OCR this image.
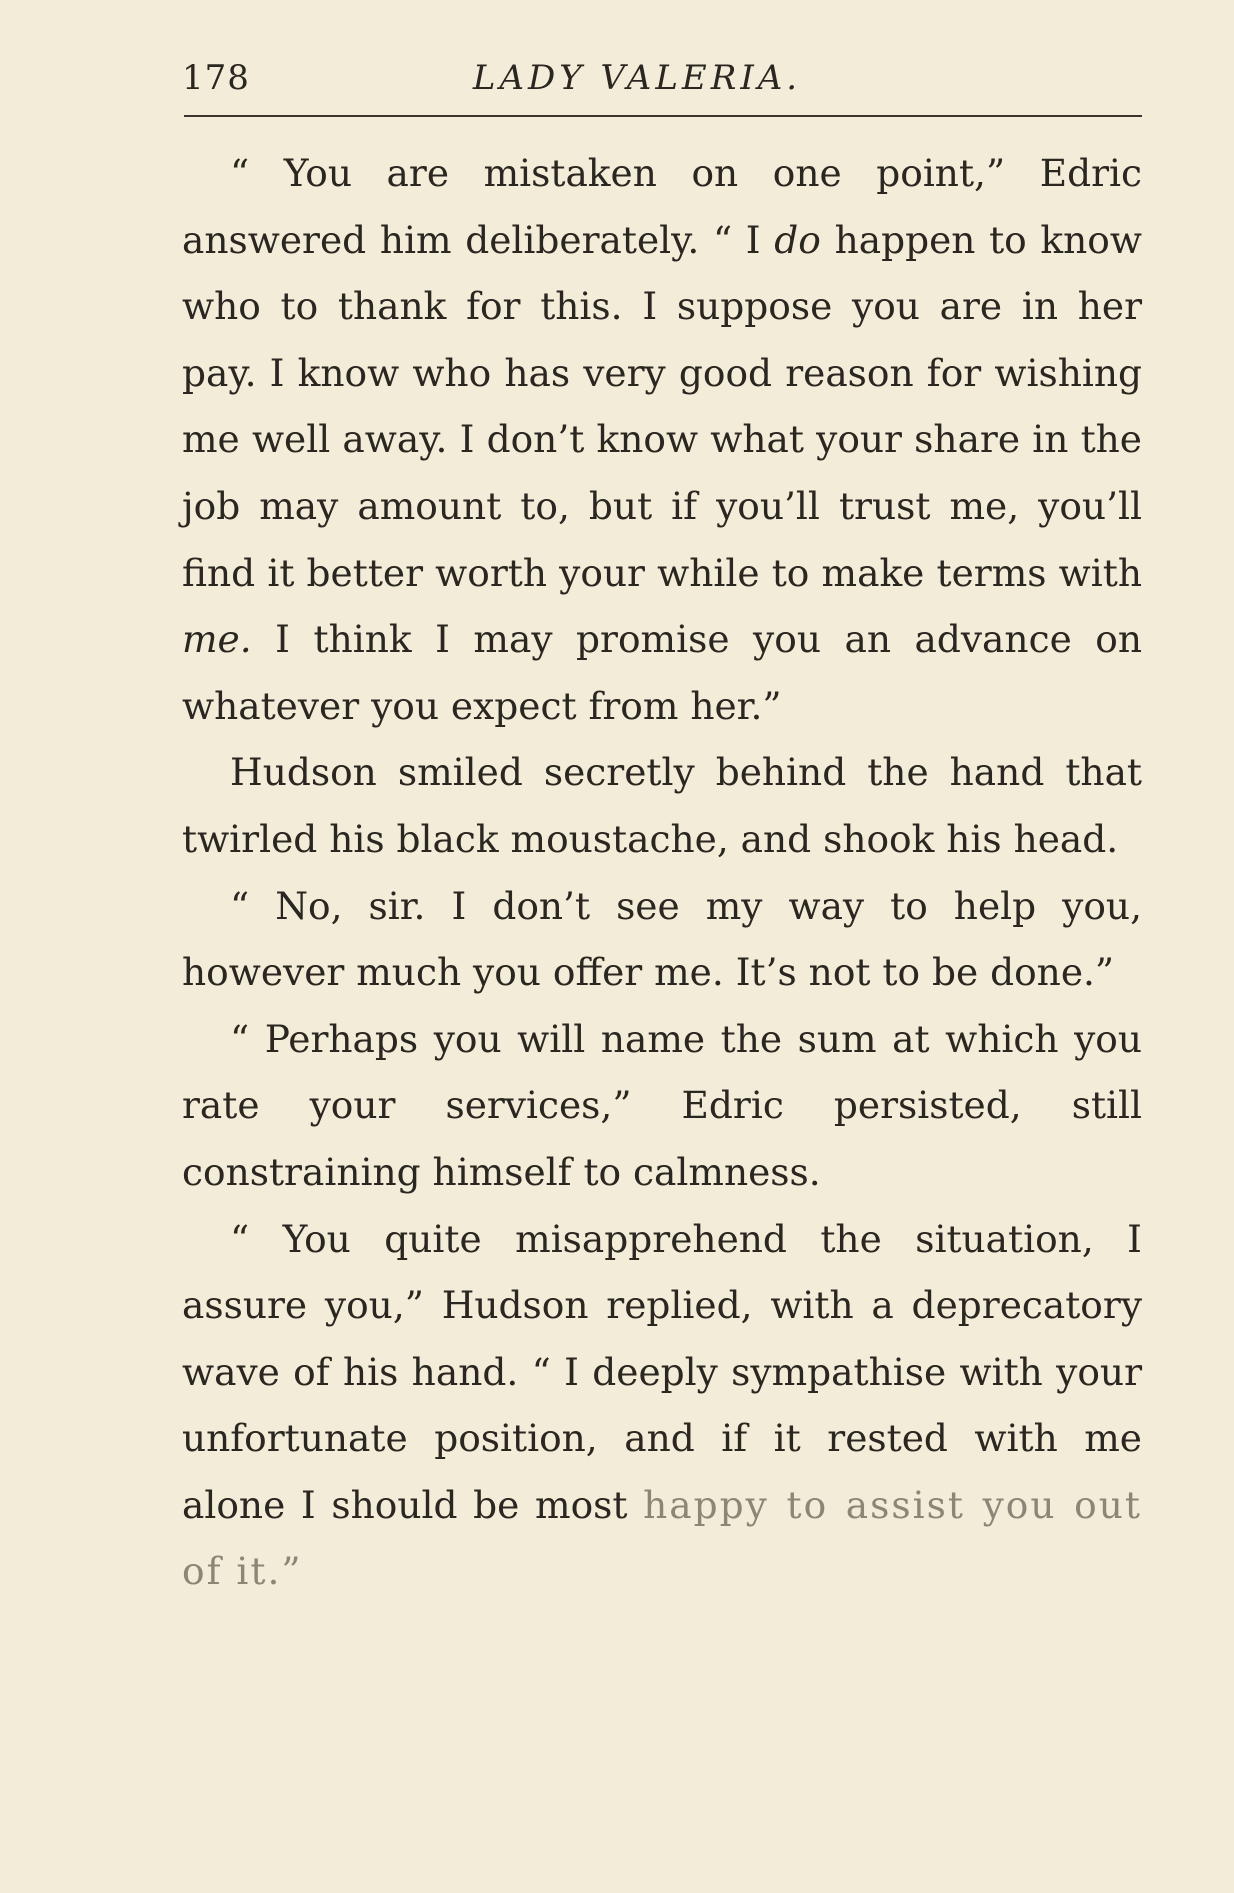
178	LADY VALERIA.

“ You are mistaken on one point,” Edric answered him deliberately. “ I do happen to know who to thank for this. I suppose you are in her pay. I know who has very good reason for wishing me well away. I don’t know what your share in the job may amount to, but if you’ll trust me, you’ll find it better worth your while to make terms with me. I think I may promise you an advance on whatever you expect from her.”

Hudson smiled secretly behind the hand that twirled his black moustache, and shook his head.

“ No, sir. I don’t see my way to help you, however much you offer me. It’s not to be done.”

“ Perhaps you will name the sum at which you rate your services,” Edric persisted, still constraining himself to calmness.

“ You quite misapprehend the situation, I assure you,” Hudson replied, with a deprecatory wave of his hand. “ I deeply sympathise with your unfortunate position, and if it rested with me alone I should be most happy to assist you out of it.”
